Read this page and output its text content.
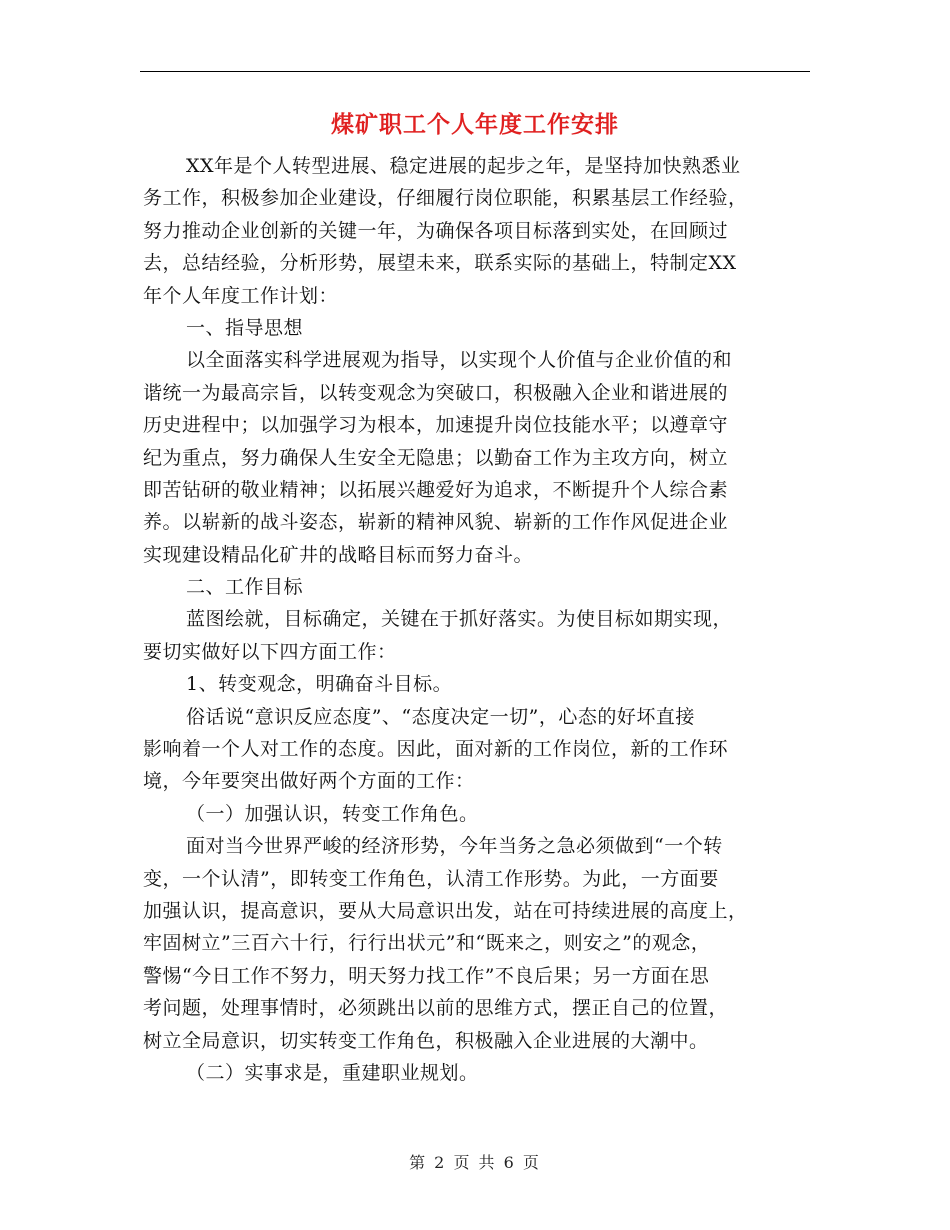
煤矿职工个人年度工作安排
XX年是个人转型进展、稳定进展的起步之年，是坚持加快熟悉业
务工作，积极参加企业建设，仔细履行岗位职能，积累基层工作经验，
努力推动企业创新的关键一年，为确保各项目标落到实处，在回顾过
去，总结经验，分析形势，展望未来，联系实际的基础上，特制定XX
年个人年度工作计划：
一、指导思想
以全面落实科学进展观为指导，以实现个人价值与企业价值的和
谐统一为最高宗旨，以转变观念为突破口，积极融入企业和谐进展的
历史进程中；以加强学习为根本，加速提升岗位技能水平；以遵章守
纪为重点，努力确保人生安全无隐患；以勤奋工作为主攻方向，树立
即苦钻研的敬业精神；以拓展兴趣爱好为追求，不断提升个人综合素
养。以崭新的战斗姿态，崭新的精神风貌、崭新的工作作风促进企业
实现建设精品化矿井的战略目标而努力奋斗。
二、工作目标
蓝图绘就，目标确定，关键在于抓好落实。为使目标如期实现，
要切实做好以下四方面工作：
1、转变观念，明确奋斗目标。
俗话说“意识反应态度”、“态度决定一切”，心态的好坏直接
影响着一个人对工作的态度。因此，面对新的工作岗位，新的工作环
境，今年要突出做好两个方面的工作：
（一）加强认识，转变工作角色。
面对当今世界严峻的经济形势，今年当务之急必须做到“一个转
变，一个认清”，即转变工作角色，认清工作形势。为此，一方面要
加强认识，提高意识，要从大局意识出发，站在可持续进展的高度上，
牢固树立”三百六十行，行行出状元”和“既来之，则安之”的观念，
警惕“今日工作不努力，明天努力找工作”不良后果；另一方面在思
考问题，处理事情时，必须跳出以前的思维方式，摆正自己的位置，
树立全局意识，切实转变工作角色，积极融入企业进展的大潮中。
（二）实事求是，重建职业规划。
第 2 页 共 6 页
